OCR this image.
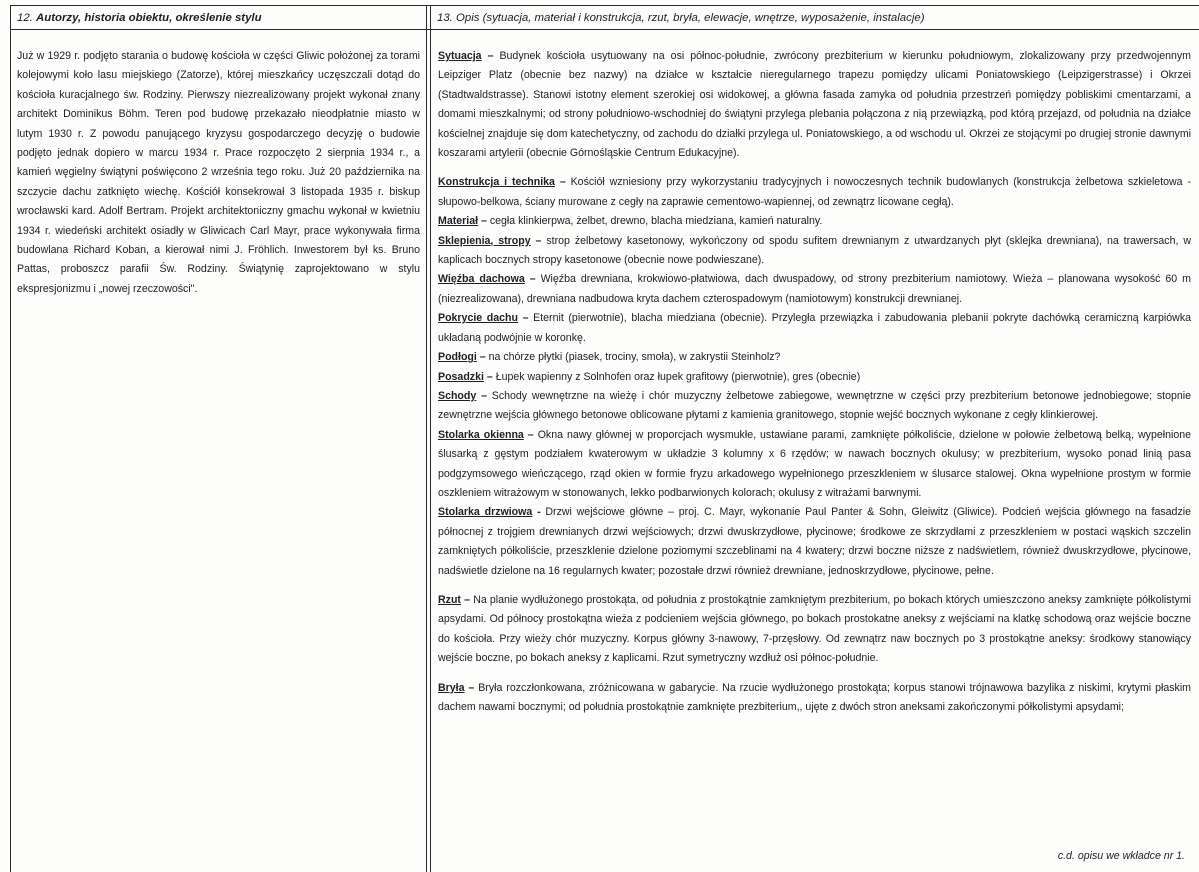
12. Autorzy, historia obiektu, określenie stylu	13. Opis (sytuacja, materiał i konstrukcja, rzut, bryła, elewacje, wnętrze, wyposażenie, instalacje)

Już w 1929 r. podjęto starania o budowę kościoła w części Gliwic położonej za torami kolejowymi koło lasu miejskiego (Zatorze), której mieszkańcy uczęszczali dotąd do kościoła kuracjalnego św. Rodziny. Pierwszy niezrealizowany projekt wykonał znany architekt Dominikus Böhm. Teren pod budowę przekazało nieodpłatnie miasto w lutym 1930 r. Z powodu panującego kryzysu gospodarczego decyzję o budowie podjęto jednak dopiero w marcu 1934 r. Prace rozpoczęto 2 sierpnia 1934 r., a kamień węgielny świątyni poświęcono 2 września tego roku. Już 20 października na szczycie dachu zatknięto wiechę. Kościół konsekrował 3 listopada 1935 r. biskup wrocławski kard. Adolf Bertram. Projekt architektoniczny gmachu wykonał w kwietniu 1934 r. wiedeński architekt osiadły w Gliwicach Carl Mayr, prace wykonywała firma budowlana Richard Koban, a kierował nimi J. Fröhlich. Inwestorem był ks. Bruno Pattas, proboszcz parafii Św. Rodziny. Świątynię zaprojektowano w stylu ekspresjonizmu i „nowej rzeczowości".

Sytuacja – Budynek kościoła usytuowany na osi północ-południe, zwrócony prezbiterium w kierunku południowym, zlokalizowany przy przedwojennym Leipziger Platz (obecnie bez nazwy) na działce w kształcie nieregularnego trapezu pomiędzy ulicami Poniatowskiego (Leipzigerstrasse) i Okrzei (Stadtwaldstrasse). Stanowi istotny element szerokiej osi widokowej, a główna fasada zamyka od południa przestrzeń pomiędzy pobliskimi cmentarzami, a domami mieszkalnymi; od strony południowo-wschodniej do świątyni przylega plebania połączona z nią przewiązką, pod którą przejazd, od południa na działce kościelnej znajduje się dom katechetyczny, od zachodu do działki przylega ul. Poniatowskiego, a od wschodu ul. Okrzei ze stojącymi po drugiej stronie dawnymi koszarami artylerii (obecnie Górnośląskie Centrum Edukacyjne).

Konstrukcja i technika – Kościół wzniesiony przy wykorzystaniu tradycyjnych i nowoczesnych technik budowlanych (konstrukcja żelbetowa szkieletowa - słupowo-belkowa, ściany murowane z cegły na zaprawie cementowo-wapiennej, od zewnątrz licowane cegłą).

Materiał – cegła klinkierpwa, żelbet, drewno, blacha miedziana, kamień naturalny.

Sklepienia, stropy – strop żelbetowy kasetonowy, wykończony od spodu sufitem drewnianym z utwardzanych płyt (sklejka drewniana), na trawersach, w kaplicach bocznych stropy kasetonowe (obecnie nowe podwieszane).

Więźba dachowa – Więźba drewniana, krokwiowo-płatwiowa, dach dwuspadowy, od strony prezbiterium namiotowy. Wieża – planowana wysokość 60 m (niezrealizowana), drewniana nadbudowa kryta dachem czterospadowym (namiotowym) konstrukcji drewnianej.

Pokrycie dachu – Eternit (pierwotnie), blacha miedziana (obecnie). Przyległa przewiązka i zabudowania plebanii pokryte dachówką ceramiczną karpiówka układaną podwójnie w koronkę.

Podłogi – na chórze płytki (piasek, trociny, smoła), w zakrystii Steinholz?

Posadzki – Łupek wapienny z Solnhofen oraz łupek grafitowy (pierwotnie), gres (obecnie)

Schody – Schody wewnętrzne na wieżę i chór muzyczny żelbetowe zabiegowe, wewnętrzne w części przy prezbiterium betonowe jednobiegowe; stopnie zewnętrzne wejścia głównego betonowe oblicowane płytami z kamienia granitowego, stopnie wejść bocznych wykonane z cegły klinkierowej.

Stolarka okienna – Okna nawy głównej w proporcjach wysmukłe, ustawiane parami, zamknięte półkoliście, dzielone w połowie żelbetową belką, wypełnione ślusarką z gęstym podziałem kwaterowym w układzie 3 kolumny x 6 rzędów; w nawach bocznych okulusy; w prezbiterium, wysoko ponad linią pasa podgzymsowego wieńczącego, rząd okien w formie fryzu arkadowego wypełnionego przeszkleniem w ślusarce stalowej. Okna wypełnione prostym w formie oszkleniem witrażowym w stonowanych, lekko podbarwionych kolorach; okulusy z witrażami barwnymi.

Stolarka drzwiowa - Drzwi wejściowe główne – proj. C. Mayr, wykonanie Paul Panter & Sohn, Gleiwitz (Gliwice). Podcień wejścia głównego na fasadzie północnej z trojgiem drewnianych drzwi wejściowych; drzwi dwuskrzydłowe, płycinowe; środkowe ze skrzydłami z przeszkleniem w postaci wąskich szczelin zamkniętych półkoliście, przeszklenie dzielone poziomymi szczeblinami na 4 kwatery; drzwi boczne niższe z nadświetlem, również dwuskrzydłowe, płycinowe, nadświetle dzielone na 16 regularnych kwater; pozostałe drzwi również drewniane, jednoskrzydłowe, płycinowe, pełne.

Rzut – Na planie wydłużonego prostokąta, od południa z prostokątnie zamkniętym prezbiterium, po bokach których umieszczono aneksy zamknięte półkolistymi apsydami. Od północy prostokątna wieża z podcieniem wejścia głównego, po bokach prostokatne aneksy z wejściami na klatkę schodową oraz wejście boczne do kościoła. Przy wieży chór muzyczny. Korpus główny 3-nawowy, 7-przęsłowy. Od zewnątrz naw bocznych po 3 prostokątne aneksy: środkowy stanowiący wejście boczne, po bokach aneksy z kaplicami. Rzut symetryczny wzdłuż osi północ-południe.

Bryła – Bryła rozczłonkowana, zróżnicowana w gabarycie. Na rzucie wydłużonego prostokąta; korpus stanowi trójnawowa bazylika z niskimi, krytymi płaskim dachem nawami bocznymi; od południa prostokątnie zamknięte prezbiterium,, ujęte z dwóch stron aneksami zakończonymi półkolistymi apsydami;

c.d. opisu we wkładce nr 1.
